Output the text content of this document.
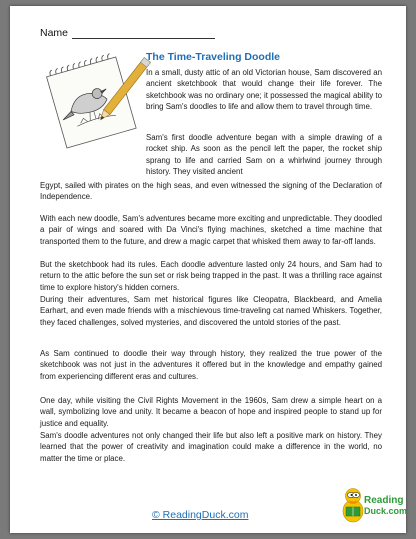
Name
The Time-Traveling Doodle

In a small, dusty attic of an old Victorian house, Sam discovered an ancient sketchbook that would change their life forever. The sketchbook was no ordinary one; it possessed the magical ability to bring Sam's doodles to life and allow them to travel through time.

Sam's first doodle adventure began with a simple drawing of a rocket ship. As soon as the pencil left the paper, the rocket ship sprang to life and carried Sam on a whirlwind journey through history. They visited ancient

Egypt, sailed with pirates on the high seas, and even witnessed the signing of the Declaration of Independence.

With each new doodle, Sam's adventures became more exciting and unpredictable. They doodled a pair of wings and soared with Da Vinci's flying machines, sketched a time machine that transported them to the future, and drew a magic carpet that whisked them away to far-off lands.

But the sketchbook had its rules. Each doodle adventure lasted only 24 hours, and Sam had to return to the attic before the sun set or risk being trapped in the past. It was a thrilling race against time to explore history's hidden corners.

During their adventures, Sam met historical figures like Cleopatra, Blackbeard, and Amelia Earhart, and even made friends with a mischievous time-traveling cat named Whiskers. Together, they faced challenges, solved mysteries, and discovered the untold stories of the past.

As Sam continued to doodle their way through history, they realized the true power of the sketchbook was not just in the adventures it offered but in the knowledge and empathy gained from experiencing different eras and cultures.

One day, while visiting the Civil Rights Movement in the 1960s, Sam drew a simple heart on a wall, symbolizing love and unity. It became a beacon of hope and inspired people to stand up for justice and equality.

Sam's doodle adventures not only changed their life but also left a positive mark on history. They learned that the power of creativity and imagination could make a difference in the world, no matter the time or place.

© ReadingDuck.com
Reading
Duck.com
